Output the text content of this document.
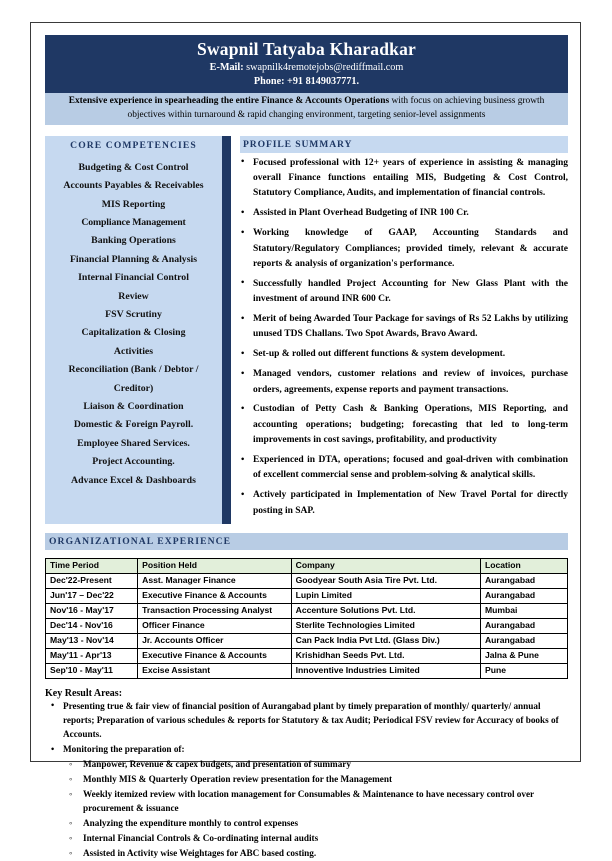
Swapnil Tatyaba Kharadkar
E-Mail: swapnilk4remotejobs@rediffmail.com
Phone: +91 8149037771.
Extensive experience in spearheading the entire Finance & Accounts Operations with focus on achieving business growth objectives within turnaround & rapid changing environment, targeting senior-level assignments
CORE COMPETENCIES
Budgeting & Cost Control
Accounts Payables & Receivables
MIS Reporting
Compliance Management
Banking Operations
Financial Planning & Analysis
Internal Financial Control
Review
FSV Scrutiny
Capitalization & Closing
Activities
Reconciliation (Bank / Debtor /
Creditor)
Liaison & Coordination
Domestic & Foreign Payroll.
Employee Shared Services.
Project Accounting.
Advance Excel & Dashboards
PROFILE SUMMARY
• Focused professional with 12+ years of experience in assisting & managing overall Finance functions entailing MIS, Budgeting & Cost Control, Statutory Compliance, Audits, and implementation of financial controls.
• Assisted in Plant Overhead Budgeting of INR 100 Cr.
• Working knowledge of GAAP, Accounting Standards and Statutory/Regulatory Compliances; provided timely, relevant & accurate reports & analysis of organization's performance.
• Successfully handled Project Accounting for New Glass Plant with the investment of around INR 600 Cr.
• Merit of being Awarded Tour Package for savings of Rs 52 Lakhs by utilizing unused TDS Challans. Two Spot Awards, Bravo Award.
• Set-up & rolled out different functions & system development.
• Managed vendors, customer relations and review of invoices, purchase orders, agreements, expense reports and payment transactions.
• Custodian of Petty Cash & Banking Operations, MIS Reporting, and accounting operations; budgeting; forecasting that led to long-term improvements in cost savings, profitability, and productivity
• Experienced in DTA, operations; focused and goal-driven with combination of excellent commercial sense and problem-solving & analytical skills.
• Actively participated in Implementation of New Travel Portal for directly posting in SAP.
ORGANIZATIONAL EXPERIENCE
Time Period	Position Held	Company	Location
Dec'22-Present	Asst. Manager Finance	Goodyear South Asia Tire Pvt. Ltd.	Aurangabad
Jun'17 – Dec'22	Executive Finance & Accounts	Lupin Limited	Aurangabad
Nov'16 - May'17	Transaction Processing Analyst	Accenture Solutions Pvt. Ltd.	Mumbai
Dec'14 - Nov'16	Officer Finance	Sterlite Technologies Limited	Aurangabad
May'13 - Nov'14	Jr. Accounts Officer	Can Pack India Pvt Ltd. (Glass Div.)	Aurangabad
May'11 - Apr'13	Executive Finance & Accounts	Krishidhan Seeds Pvt. Ltd.	Jalna & Pune
Sep'10 - May'11	Excise Assistant	Innoventive Industries Limited	Pune
Key Result Areas:
• Presenting true & fair view of financial position of Aurangabad plant by timely preparation of monthly/ quarterly/ annual reports; Preparation of various schedules & reports for Statutory & tax Audit; Periodical FSV review for Accuracy of books of Accounts.
• Monitoring the preparation of:
◦ Manpower, Revenue & capex budgets, and presentation of summary
◦ Monthly MIS & Quarterly Operation review presentation for the Management
◦ Weekly itemized review with location management for Consumables & Maintenance to have necessary control over procurement & issuance
◦ Analyzing the expenditure monthly to control expenses
◦ Internal Financial Controls & Co-ordinating internal audits
◦ Assisted in Activity wise Weightages for ABC based costing.
